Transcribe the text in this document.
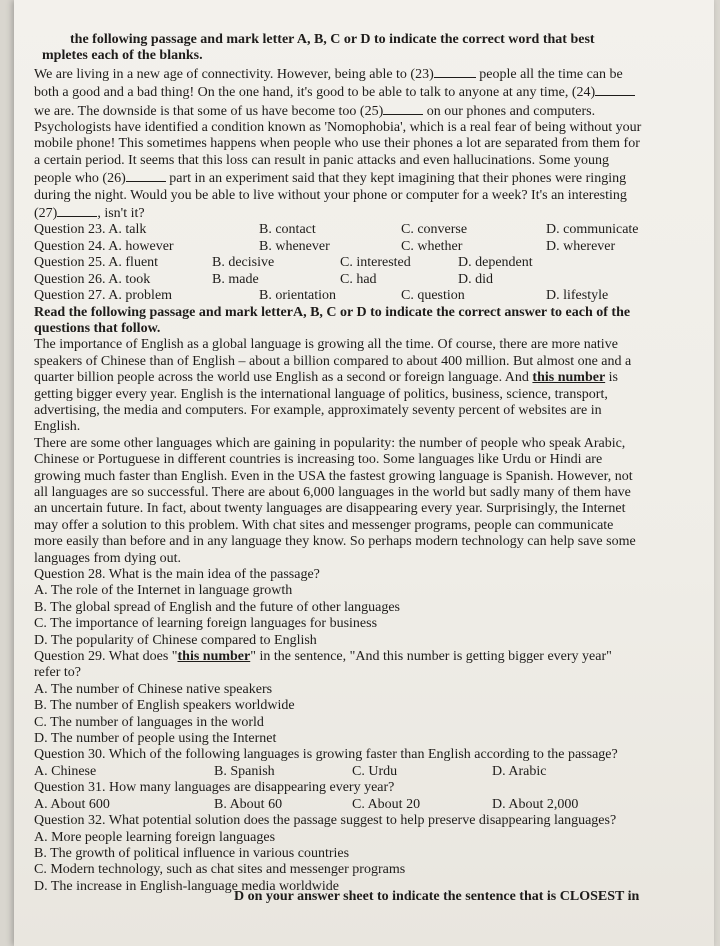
the following passage and mark letter A, B, C or D to indicate the correct word that best
mpletes each of the blanks.
We are living in a new age of connectivity. However, being able to (23)	people all the time can be
both a good and a bad thing! On the one hand, it's good to be able to talk to anyone at any time, (24)
we are. The downside is that some of us have become too (25)	on our phones and computers.
Psychologists have identified a condition known as 'Nomophobia', which is a real fear of being without your
mobile phone! This sometimes happens when people who use their phones a lot are separated from them for
a certain period. It seems that this loss can result in panic attacks and even hallucinations. Some young
people who (26)	part in an experiment said that they kept imagining that their phones were ringing
during the night. Would you be able to live without your phone or computer for a week? It's an interesting
(27)	, isn't it?
Question 23. A. talk	B. contact	C. converse	D. communicate
Question 24. A. however	B. whenever	C. whether	D. wherever
Question 25. A. fluent	B. decisive	C. interested	D. dependent
Question 26. A. took	B. made	C. had	D. did
Question 27. A. problem	B. orientation	C. question	D. lifestyle
Read the following passage and mark letterA, B, C or D to indicate the correct answer to each of the
questions that follow.
The importance of English as a global language is growing all the time. Of course, there are more native
speakers of Chinese than of English – about a billion compared to about 400 million. But almost one and a
quarter billion people across the world use English as a second or foreign language. And this number is
getting bigger every year. English is the international language of politics, business, science, transport,
advertising, the media and computers. For example, approximately seventy percent of websites are in
English.
There are some other languages which are gaining in popularity: the number of people who speak Arabic,
Chinese or Portuguese in different countries is increasing too. Some languages like Urdu or Hindi are
growing much faster than English. Even in the USA the fastest growing language is Spanish. However, not
all languages are so successful. There are about 6,000 languages in the world but sadly many of them have
an uncertain future. In fact, about twenty languages are disappearing every year. Surprisingly, the Internet
may offer a solution to this problem. With chat sites and messenger programs, people can communicate
more easily than before and in any language they know. So perhaps modern technology can help save some
languages from dying out.
Question 28. What is the main idea of the passage?
A. The role of the Internet in language growth
B. The global spread of English and the future of other languages
C. The importance of learning foreign languages for business
D. The popularity of Chinese compared to English
Question 29. What does "this number" in the sentence, "And this number is getting bigger every year"
refer to?
A. The number of Chinese native speakers
B. The number of English speakers worldwide
C. The number of languages in the world
D. The number of people using the Internet
Question 30. Which of the following languages is growing faster than English according to the passage?
A. Chinese	B. Spanish	C. Urdu	D. Arabic
Question 31. How many languages are disappearing every year?
A. About 600	B. About 60	C. About 20	D. About 2,000
Question 32. What potential solution does the passage suggest to help preserve disappearing languages?
A. More people learning foreign languages
B. The growth of political influence in various countries
C. Modern technology, such as chat sites and messenger programs
D. The increase in English-language media worldwide
D on your answer sheet to indicate the sentence that is CLOSEST in
